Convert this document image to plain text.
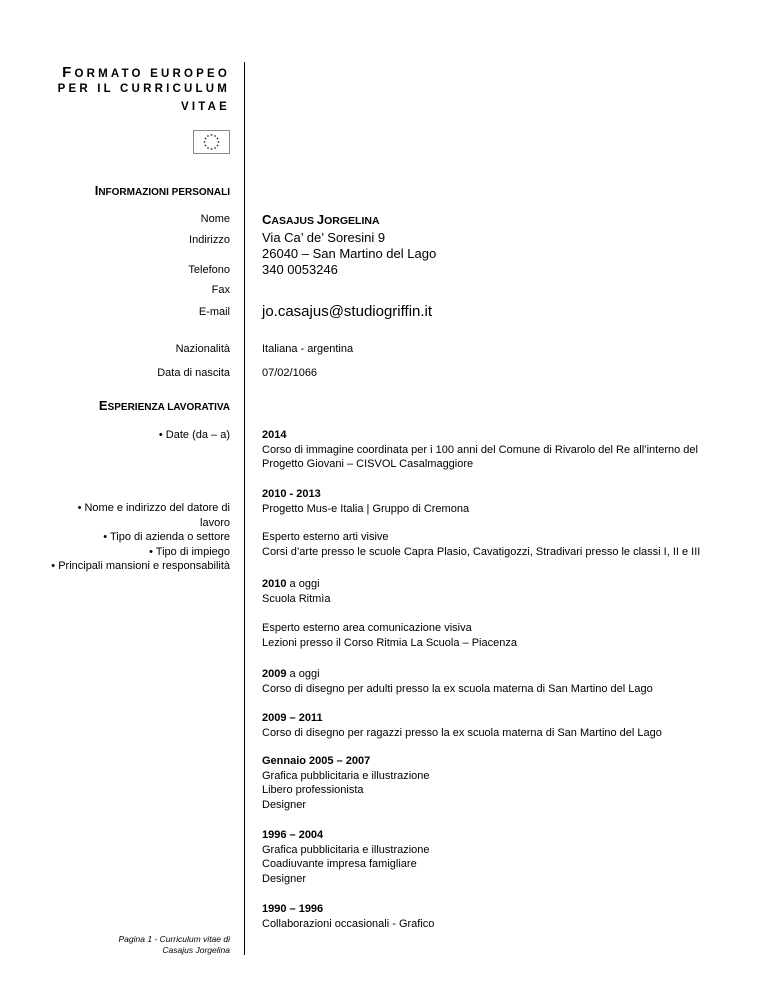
FORMATO EUROPEO
PER IL CURRICULUM
VITAE
INFORMAZIONI PERSONALI
Nome CASAJUS JORGELINA
Indirizzo Via Ca’ de’ Soresini 9
26040 – San Martino del Lago
Telefono 340 0053246
Fax
E-mail jo.casajus@studiogriffin.it
Nazionalità	Italiana - argentina
Data di nascita	07/02/1066
ESPERIENZA LAVORATIVA
• Date (da – a)
• Nome e indirizzo del datore di
lavoro
• Tipo di azienda o settore
• Tipo di impiego
• Principali mansioni e responsabilità
2014
Corso di immagine coordinata per i 100 anni del Comune di Rivarolo del Re all’interno del
Progetto Giovani – CISVOL Casalmaggiore
2010 - 2013
Progetto Mus-e Italia | Gruppo di Cremona
Esperto esterno arti visive
Corsi d’arte presso le scuole Capra Plasio, Cavatigozzi, Stradivari presso le classi I, II e III
2010 a oggi
Scuola Ritmìa
Esperto esterno area comunicazione visiva
Lezioni presso il Corso Ritmia La Scuola – Piacenza
2009 a oggi
Corso di disegno per adulti presso la ex scuola materna di San Martino del Lago
2009 – 2011
Corso di disegno per ragazzi presso la ex scuola materna di San Martino del Lago
Gennaio 2005 – 2007
Grafica pubblicitaria e illustrazione
Libero professionista
Designer
1996 – 2004
Grafica pubblicitaria e illustrazione
Coadiuvante impresa famigliare
Designer
1990 – 1996
Collaborazioni occasionali - Grafico
Pagina 1 - Curriculum vitae di
Casajus Jorgelina
